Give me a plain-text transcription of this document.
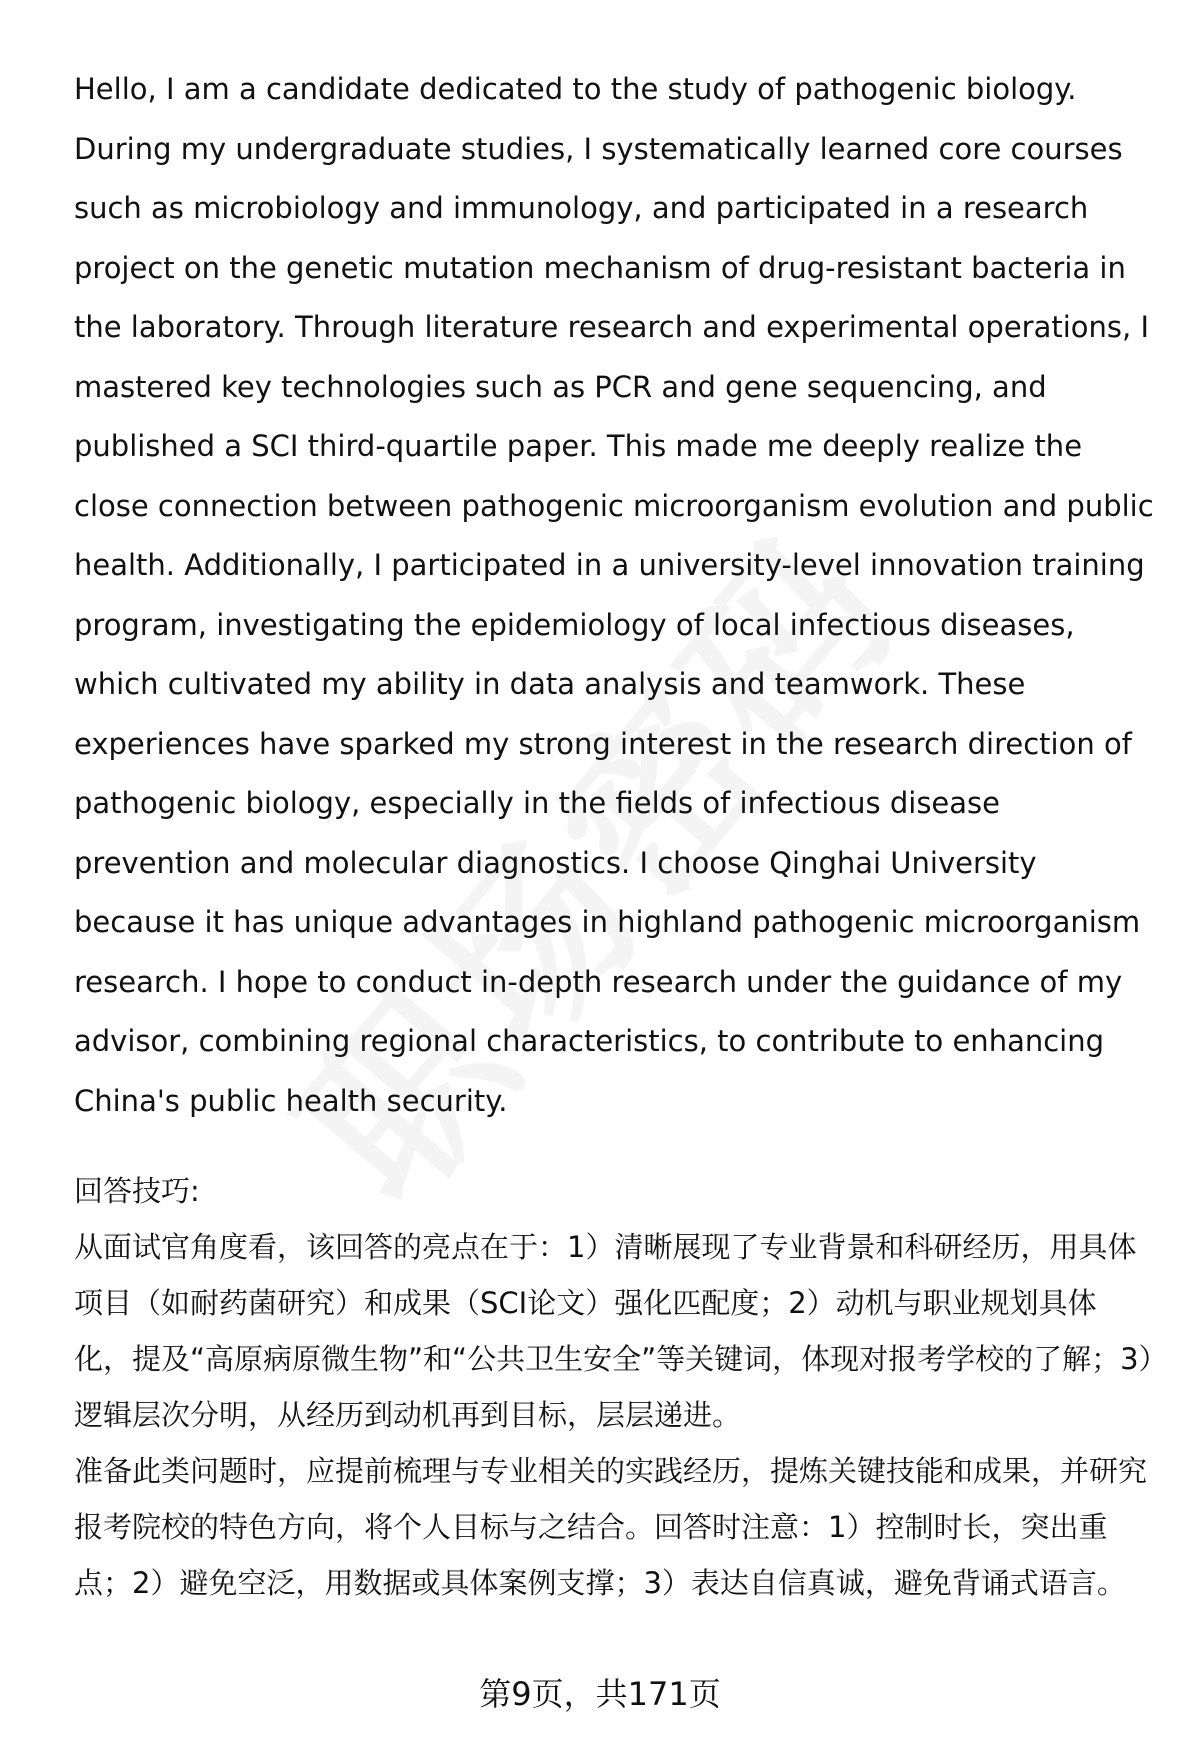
Hello, I am a candidate dedicated to the study of pathogenic biology. During my undergraduate studies, I systematically learned core courses such as microbiology and immunology, and participated in a research project on the genetic mutation mechanism of drug-resistant bacteria in the laboratory. Through literature research and experimental operations, I mastered key technologies such as PCR and gene sequencing, and published a SCI third-quartile paper. This made me deeply realize the close connection between pathogenic microorganism evolution and public health. Additionally, I participated in a university-level innovation training program, investigating the epidemiology of local infectious diseases, which cultivated my ability in data analysis and teamwork. These experiences have sparked my strong interest in the research direction of pathogenic biology, especially in the fields of infectious disease prevention and molecular diagnostics. I choose Qinghai University because it has unique advantages in highland pathogenic microorganism research. I hope to conduct in-depth research under the guidance of my advisor, combining regional characteristics, to contribute to enhancing China's public health security.

回答技巧:

从面试官角度看，该回答的亮点在于：1）清晰展现了专业背景和科研经历，用具体项目（如耐药菌研究）和成果（SCI论文）强化匹配度；2）动机与职业规划具体化，提及“高原病原微生物”和“公共卫生安全”等关键词，体现对报考学校的了解；3）逻辑层次分明，从经历到动机再到目标，层层递进。

准备此类问题时，应提前梳理与专业相关的实践经历，提炼关键技能和成果，并研究报考院校的特色方向，将个人目标与之结合。回答时注意：1）控制时长，突出重点；2）避免空泛，用数据或具体案例支撑；3）表达自信真诚，避免背诵式语言。

第9页，共171页
